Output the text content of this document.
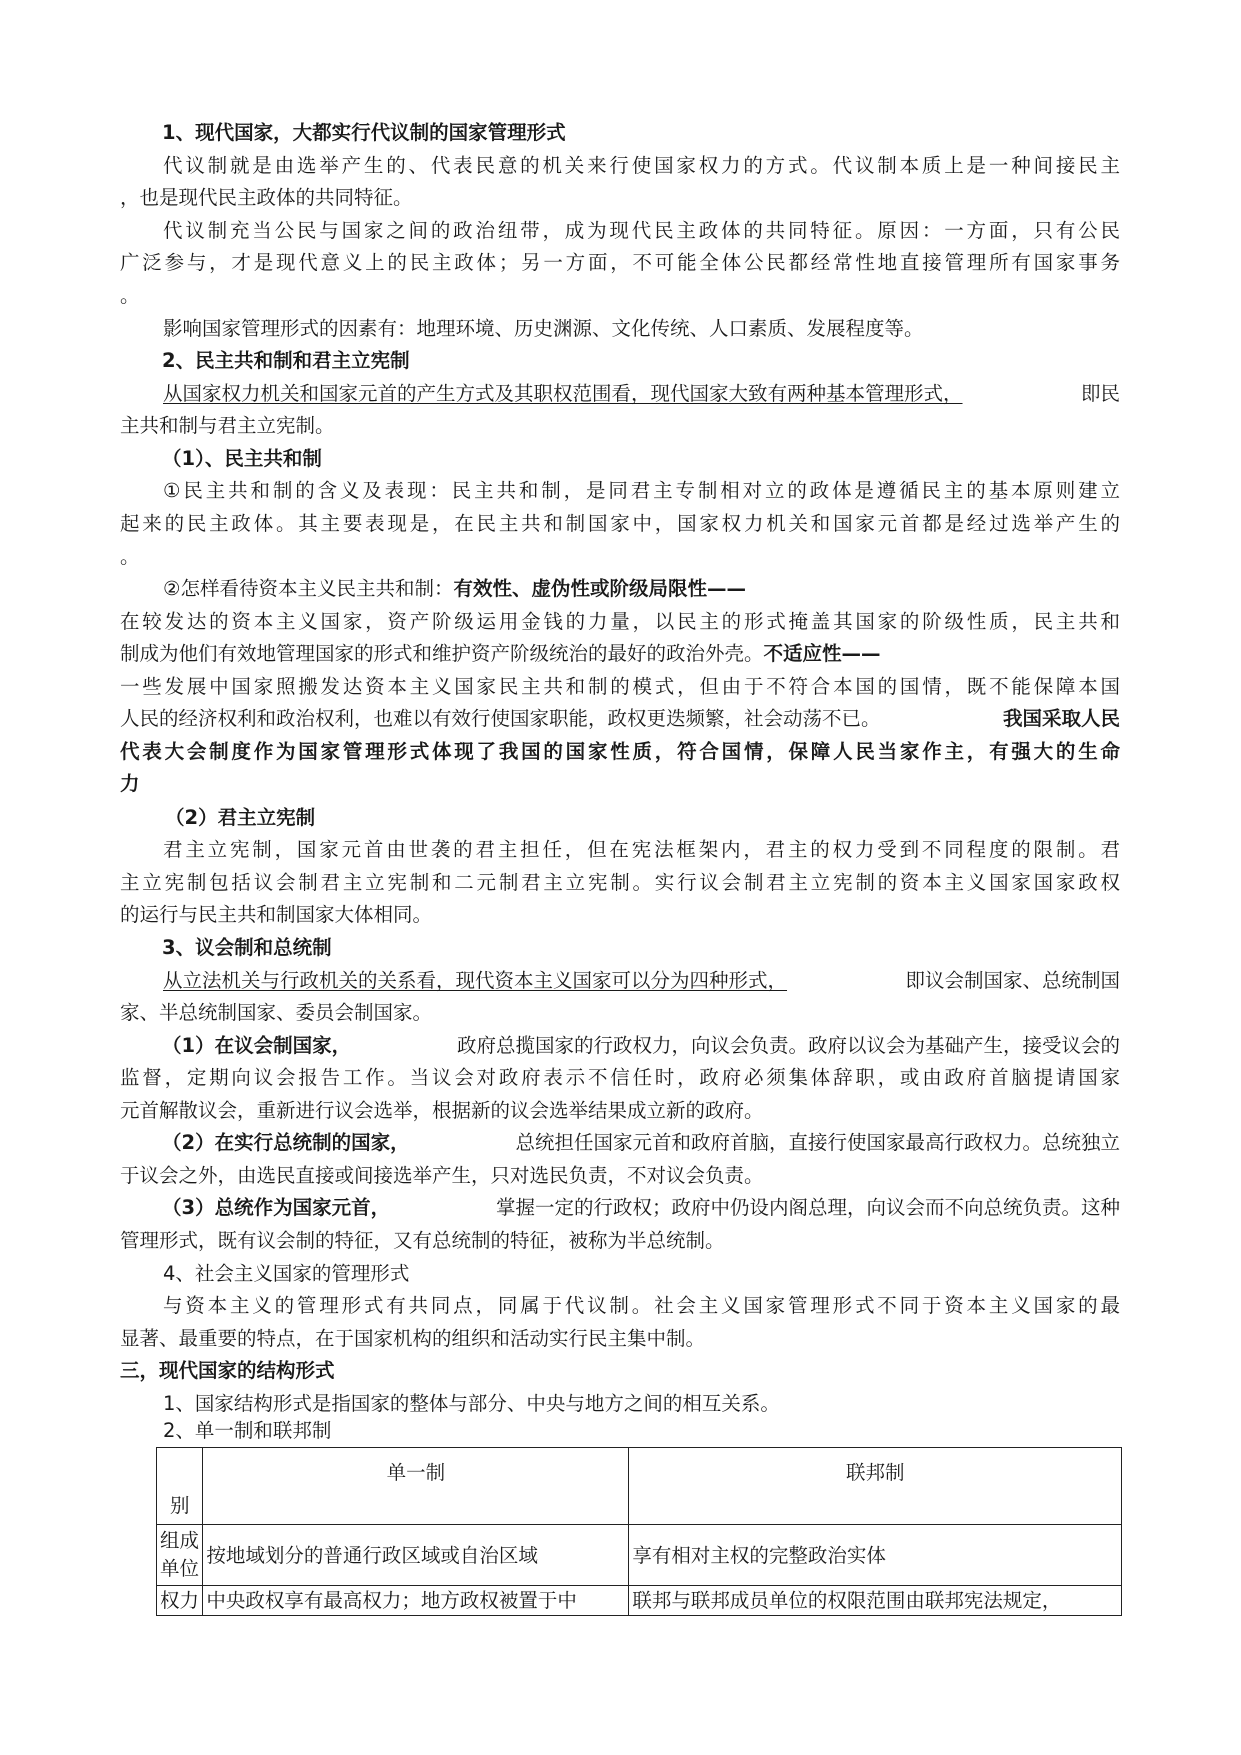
1、现代国家，大都实行代议制的国家管理形式
代议制就是由选举产生的、代表民意的机关来行使国家权力的方式。代议制本质上是一种间接民主
，也是现代民主政体的共同特征。
代议制充当公民与国家之间的政治纽带，成为现代民主政体的共同特征。原因：一方面，只有公民
广泛参与，才是现代意义上的民主政体；另一方面，不可能全体公民都经常性地直接管理所有国家事务
。
影响国家管理形式的因素有：地理环境、历史渊源、文化传统、人口素质、发展程度等。
2、民主共和制和君主立宪制
从国家权力机关和国家元首的产生方式及其职权范围看，现代国家大致有两种基本管理形式，	即民
主共和制与君主立宪制。
（1）、民主共和制
①民主共和制的含义及表现：民主共和制，是同君主专制相对立的政体是遵循民主的基本原则建立
起来的民主政体。其主要表现是，在民主共和制国家中，国家权力机关和国家元首都是经过选举产生的
。
②怎样看待资本主义民主共和制：有效性、虚伪性或阶级局限性——
在较发达的资本主义国家，资产阶级运用金钱的力量，以民主的形式掩盖其国家的阶级性质，民主共和
制成为他们有效地管理国家的形式和维护资产阶级统治的最好的政治外壳。不适应性——
一些发展中国家照搬发达资本主义国家民主共和制的模式，但由于不符合本国的国情，既不能保障本国
人民的经济权利和政治权利，也难以有效行使国家职能，政权更迭频繁，社会动荡不已。	我国采取人民
代表大会制度作为国家管理形式体现了我国的国家性质，符合国情，保障人民当家作主，有强大的生命
力
（2）君主立宪制
君主立宪制，国家元首由世袭的君主担任，但在宪法框架内，君主的权力受到不同程度的限制。君
主立宪制包括议会制君主立宪制和二元制君主立宪制。实行议会制君主立宪制的资本主义国家国家政权
的运行与民主共和制国家大体相同。
3、议会制和总统制
从立法机关与行政机关的关系看，现代资本主义国家可以分为四种形式，	即议会制国家、总统制国
家、半总统制国家、委员会制国家。
（1）在议会制国家，	政府总揽国家的行政权力，向议会负责。政府以议会为基础产生，接受议会的
监督，定期向议会报告工作。当议会对政府表示不信任时，政府必须集体辞职，或由政府首脑提请国家
元首解散议会，重新进行议会选举，根据新的议会选举结果成立新的政府。
（2）在实行总统制的国家，	总统担任国家元首和政府首脑，直接行使国家最高行政权力。总统独立
于议会之外，由选民直接或间接选举产生，只对选民负责，不对议会负责。
（3）总统作为国家元首，	掌握一定的行政权；政府中仍设内阁总理，向议会而不向总统负责。这种
管理形式，既有议会制的特征，又有总统制的特征，被称为半总统制。
4、社会主义国家的管理形式
与资本主义的管理形式有共同点，同属于代议制。社会主义国家管理形式不同于资本主义国家的最
显著、最重要的特点，在于国家机构的组织和活动实行民主集中制。
三，现代国家的结构形式
1、国家结构形式是指国家的整体与部分、中央与地方之间的相互关系。
2、单一制和联邦制
别	单一制	联邦制
组成单位	按地域划分的普通行政区域或自治区域	享有相对主权的完整政治实体
权力	中央政权享有最高权力；地方政权被置于中	联邦与联邦成员单位的权限范围由联邦宪法规定，
